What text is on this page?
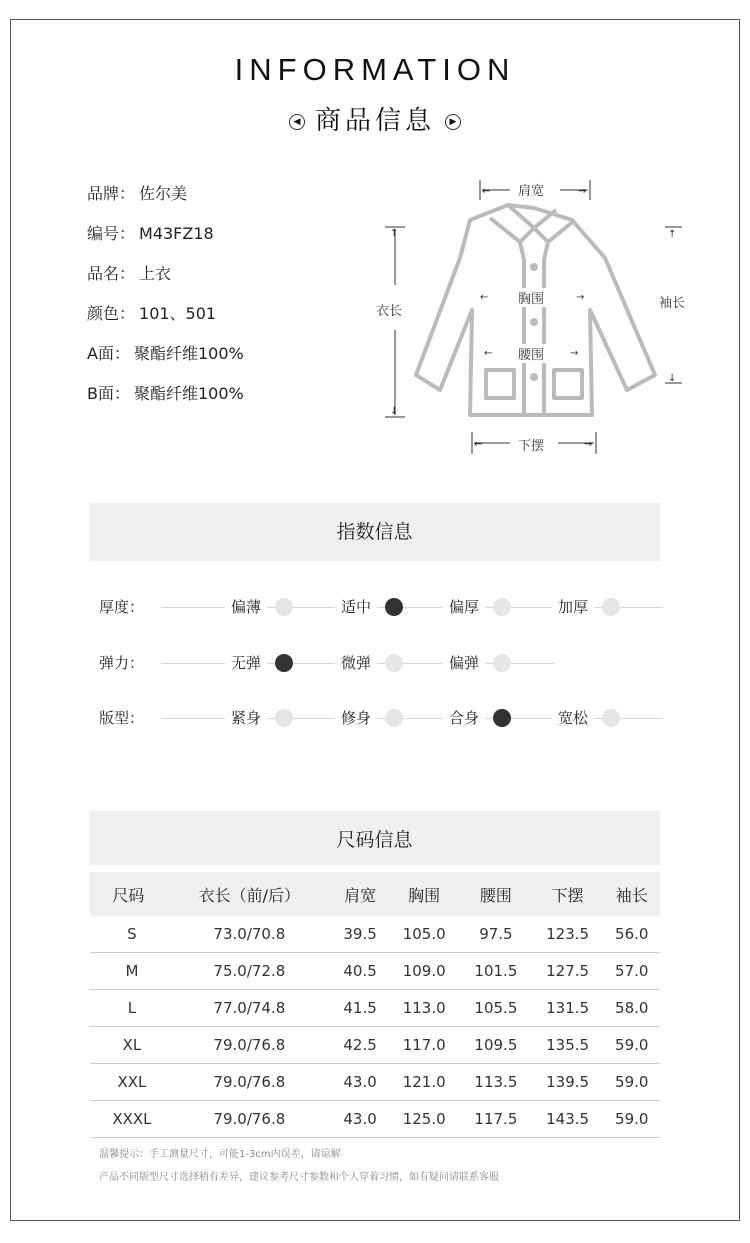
INFORMATION
◀ 商品信息 ▶
品牌： 佐尔美
编号： M43FZ18
品名： 上衣
颜色： 101、501
A面： 聚酯纤维100%
B面： 聚酯纤维100%
←	→
↑
↓
↑
↓
←	→
←	→
←	→
肩宽
衣长
袖长
胸围
腰围
下摆
指数信息
厚度：	偏薄	适中	偏厚	加厚
弹力：	无弹	微弹	偏弹
版型：	紧身	修身	合身	宽松
尺码信息
尺码	衣长（前/后）	肩宽	胸围	腰围	下摆	袖长
S	73.0/70.8	39.5	105.0	97.5	123.5	56.0
M	75.0/72.8	40.5	109.0	101.5	127.5	57.0
L	77.0/74.8	41.5	113.0	105.5	131.5	58.0
XL	79.0/76.8	42.5	117.0	109.5	135.5	59.0
XXL	79.0/76.8	43.0	121.0	113.5	139.5	59.0
XXXL	79.0/76.8	43.0	125.0	117.5	143.5	59.0
温馨提示：手工测量尺寸，可能1-3cm内误差，请谅解
产品不同版型尺寸选择稍有差异，建议参考尺寸参数和个人穿着习惯，如有疑问请联系客服
